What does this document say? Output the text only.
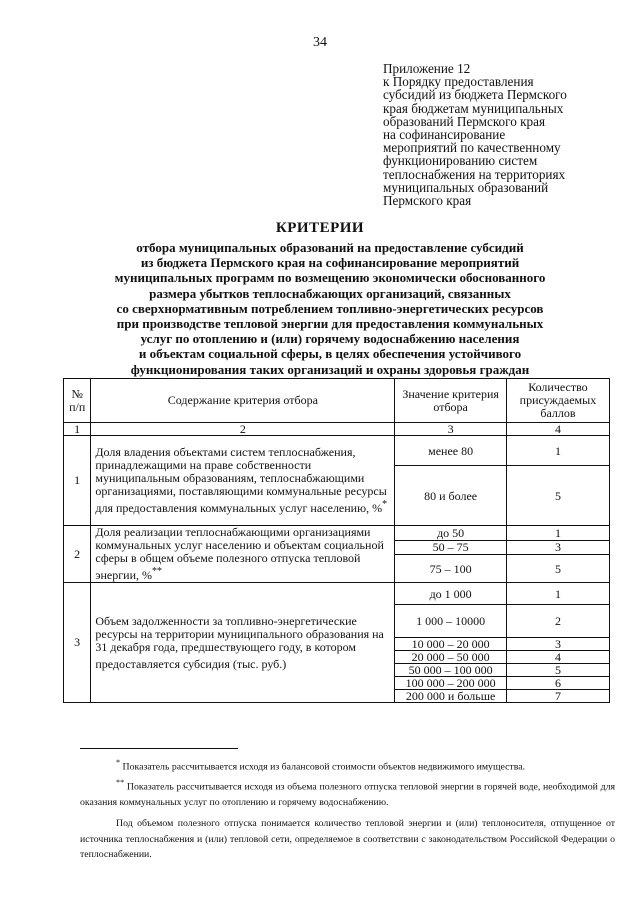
34
Приложение 12
к Порядку предоставления
субсидий из бюджета Пермского
края бюджетам муниципальных
образований Пермского края
на софинансирование
мероприятий по качественному
функционированию систем
теплоснабжения на территориях
муниципальных образований
Пермского края
КРИТЕРИИ
отбора муниципальных образований на предоставление субсидий
из бюджета Пермского края на софинансирование мероприятий
муниципальных программ по возмещению экономически обоснованного
размера убытков теплоснабжающих организаций, связанных
со сверхнормативным потреблением топливно-энергетических ресурсов
при производстве тепловой энергии для предоставления коммунальных
услуг по отоплению и (или) горячему водоснабжению населения
и объектам социальной сферы, в целях обеспечения устойчивого
функционирования таких организаций и охраны здоровья граждан
№ п/п	Содержание критерия отбора	Значение критерия отбора	Количество присуждаемых баллов
1	2	3	4
1	Доля владения объектами систем теплоснабжения, принадлежащими на праве собственности муниципальным образованиям, теплоснабжающими организациями, поставляющими коммунальные ресурсы для предоставления коммунальных услуг населению, %*	менее 80	1
		80 и более	5
2	Доля реализации теплоснабжающими организациями коммунальных услуг населению и объектам социальной сферы в общем объеме полезного отпуска тепловой энергии, %**	до 50	1
		50 – 75	3
		75 – 100	5
3	Объем задолженности за топливно-энергетические ресурсы на территории муниципального образования на 31 декабря года, предшествующего году, в котором предоставляется субсидия (тыс. руб.)	до 1 000	1
		1 000 – 10000	2
		10 000 – 20 000	3
		20 000 – 50 000	4
		50 000 – 100 000	5
		100 000 – 200 000	6
		200 000 и больше	7

* Показатель рассчитывается исходя из балансовой стоимости объектов недвижимого имущества.

** Показатель рассчитывается исходя из объема полезного отпуска тепловой энергии в горячей воде, необходимой для оказания коммунальных услуг по отоплению и горячему водоснабжению.

Под объемом полезного отпуска понимается количество тепловой энергии и (или) теплоносителя, отпущенное от источника теплоснабжения и (или) тепловой сети, определяемое в соответствии с законодательством Российской Федерации о теплоснабжении.
